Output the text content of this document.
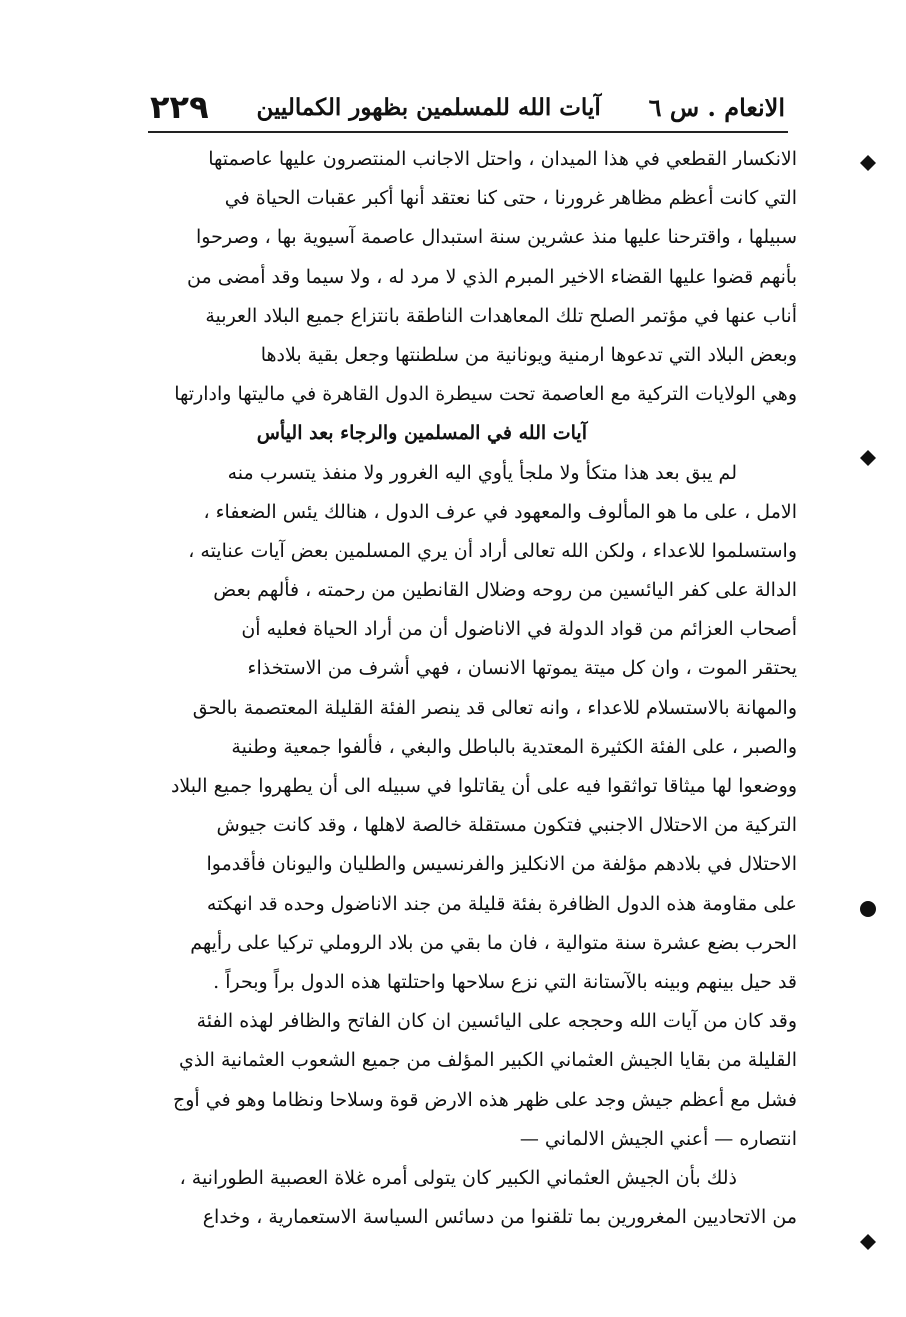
الانعام . س ٦
آيات الله للمسلمين بظهور الكماليين
٢٢٩
الانكسار القطعي في هذا الميدان ، واحتل الاجانب المنتصرون عليها عاصمتها
التي كانت أعظم مظاهر غرورنا ، حتى كنا نعتقد أنها أكبر عقبات الحياة في
سبيلها ، واقترحنا عليها منذ عشرين سنة استبدال عاصمة آسيوية بها ، وصرحوا
بأنهم قضوا عليها القضاء الاخير المبرم الذي لا مرد له ، ولا سيما وقد أمضى من
أناب عنها في مؤتمر الصلح تلك المعاهدات الناطقة بانتزاع جميع البلاد العربية
وبعض البلاد التي تدعوها ارمنية ويونانية من سلطنتها وجعل بقية بلادها
وهي الولايات التركية مع العاصمة تحت سيطرة الدول القاهرة في ماليتها وادارتها
آيات الله في المسلمين والرجاء بعد اليأس
لم يبق بعد هذا متكأ ولا ملجأ يأوي اليه الغرور ولا منفذ يتسرب منه
الامل ، على ما هو المألوف والمعهود في عرف الدول ، هنالك يئس الضعفاء ،
واستسلموا للاعداء ، ولكن الله تعالى أراد أن يري المسلمين بعض آيات عنايته ،
الدالة على كفر اليائسين من روحه وضلال القانطين من رحمته ، فألهم بعض
أصحاب العزائم من قواد الدولة في الاناضول أن من أراد الحياة فعليه أن
يحتقر الموت ، وان كل ميتة يموتها الانسان ، فهي أشرف من الاستخذاء
والمهانة بالاستسلام للاعداء ، وانه تعالى قد ينصر الفئة القليلة المعتصمة بالحق
والصبر ، على الفئة الكثيرة المعتدية بالباطل والبغي ، فألفوا جمعية وطنية
ووضعوا لها ميثاقا تواثقوا فيه على أن يقاتلوا في سبيله الى أن يطهروا جميع البلاد
التركية من الاحتلال الاجنبي فتكون مستقلة خالصة لاهلها ، وقد كانت جيوش
الاحتلال في بلادهم مؤلفة من الانكليز والفرنسيس والطليان واليونان فأقدموا
على مقاومة هذه الدول الظافرة بفئة قليلة من جند الاناضول وحده قد انهكته
الحرب بضع عشرة سنة متوالية ، فان ما بقي من بلاد الروملي تركيا على رأيهم
قد حيل بينهم وبينه بالآستانة التي نزع سلاحها واحتلتها هذه الدول براً وبحراً .
وقد كان من آيات الله وحججه على اليائسين ان كان الفاتح والظافر لهذه الفئة
القليلة من بقايا الجيش العثماني الكبير المؤلف من جميع الشعوب العثمانية الذي
فشل مع أعظم جيش وجد على ظهر هذه الارض قوة وسلاحا ونظاما وهو في أوج
انتصاره — أعني الجيش الالماني —
ذلك بأن الجيش العثماني الكبير كان يتولى أمره غلاة العصبية الطورانية ،
من الاتحاديين المغرورين بما تلقنوا من دسائس السياسة الاستعمارية ، وخداع
